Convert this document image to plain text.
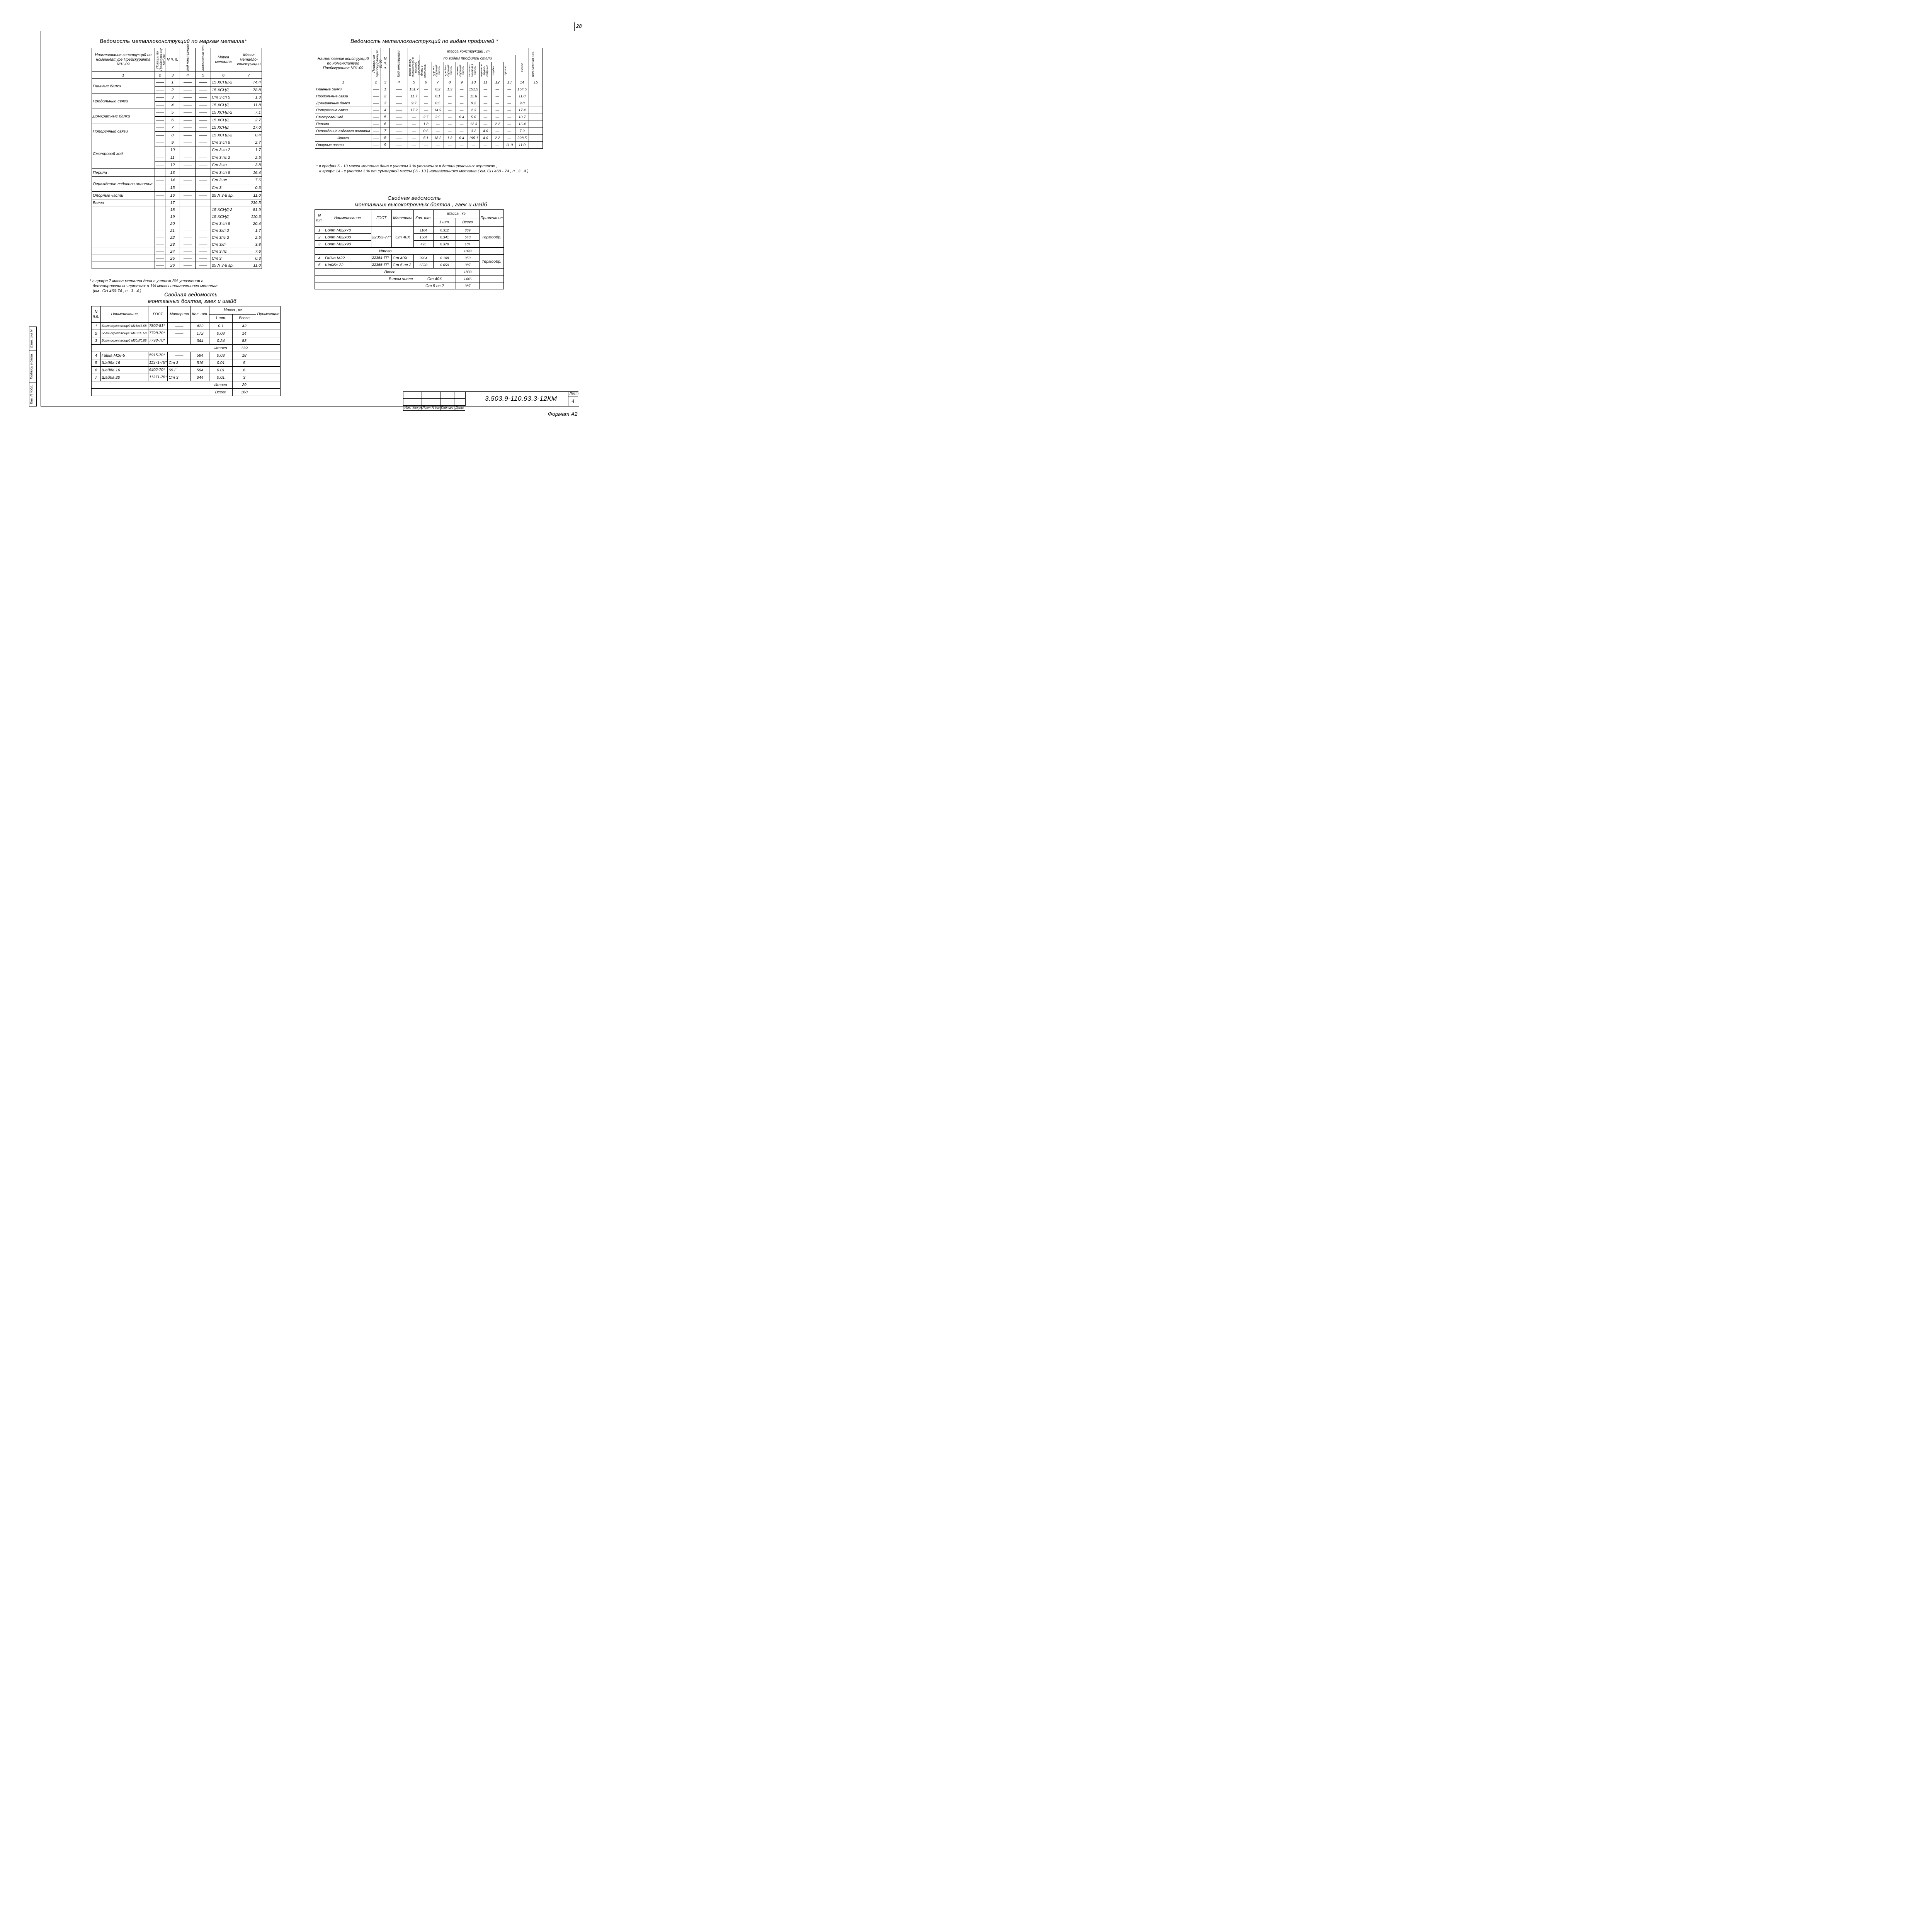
28
Инв. N подл.
Подпись и дата
Взам. инв N
Ведомость металлоконструкций по маркам металла*
Наименование конструкций по номенклатуре Прейскуранта N01-09	Позиции по Прейскуранту N01-09	N п. п.	Код конструкции	Количество шт.	Марка металла	Масса металло-конструкции
1	2	3	4	5	6	7
Главные балки	——	1	——	——	15 ХСНД-2	74.4
	——	2	——	——	15 ХСНД	78.8
Продольные связи	——	3	——	——	Ст 3 сп 5	1.3
	——	4	——	——	15 ХСНД	11.8
Домкратные балки	——	5	——	——	15 ХСНД-2	7.1
	——	6	——	——	15 ХСНД	2.7
Поперечные связи	——	7	——	——	15 ХСНД	17.0
	——	8	——	——	15 ХСНД-2	0.4
Смотровой ход	——	9	——	——	Ст 3 сп 5	2.7
	——	10	——	——	Ст 3 кп 2	1.7
	——	11	——	——	Ст 3 пс 2	2.5
	——	12	——	——	Ст 3 кп	3.8
Перила	——	13	——	——	Ст 3 сп 5	16.4
Ограждение ездового полотна	——	14	——	——	Ст 3 пс	7.6
	——	15	——	——	Ст 3	0.3
Опорные части	——	16	——	——	25 Л 3-й гр.	11.0
Всего	——	17	——	——		239.5
	——	18	——	——	15 ХСНД-2	81.9
	——	19	——	——	15 ХСНД	110.3
	——	20	——	——	Ст 3 сп 5	20.4
	——	21	——	——	Ст 3кп 2	1.7
	——	22	——	——	Ст 3пс 2	2.5
	——	23	——	——	Ст 3кп	3.8
	——	24	——	——	Ст 3 пс	7.6
	——	25	——	——	Ст 3	0.3
	——	26	——	——	25 Л 3-й гр.	11.0
* в графе 7 масса металла дана с учетом 3% уточнения в
деталировочных чертежах и 1% массы наплавленного металла
(см . СН 460-74 , п . 3 . 4 )
Сводная ведомость
монтажных болтов, гаек и шайб
N п.п.	Наименование	ГОСТ	Материал	Кол. шт.	Масса , кг		Примечание
					1 шт.	Всего	
1	Болт скрепляющий М16х45.58	7802-81*	——	422	0.1	42	
2	Болт скрепляющий М16х30.58	7798-70*	——	172	0.08	14	
3	Болт скрепляющий М20х70.58	7798-70*	——	344	0.24	83	
					Итого	139	
4	Гайка М16-5	5915-70*	——	594	0.03	18	
5	Шайба 16	11371-78*	Ст 3	516	0.01	5	
6	Шайба 16	6402-70*	65 Г	594	0.01	6	
7	Шайба 20	11371-78*	Ст 3	344	0.01	3	
					Итого	29	
					Всего	168	
Ведомость металлоконструкций по видам профилей *
Наименование конструкций по номенклатуре Прейскуранта N01-09	Позиции по Прейску-ранту N 01-09	N п. п.	Код конструкции	Масса конструкций , т										Количество шт.

				Всего стали повышенной и высокой прочности	по видам профилей стали								Всего	

					блоки и швеллеры	крупно-сортная сталь	средне-сортная сталь	мелко-сортная сталь	толсто-листовая сталь	гнутые и гнуто-сварные	трубы	прочие		

1	2	3	4	5	6	7	8	9	10	11	12	13	14	15
Главные балки	——	1	——	151.7	—	0.2	1.3	—	151.5	—	—	—	154.5	
Продольные связи	——	2	——	11.7	—	0.1	—	—	11.6	—	—	—	11.8	
Домкратные балки	——	3	——	9.7	—	0.5	—	—	9.2	—	—	—	9.8	
Поперечные связи	——	4	——	17.2	—	14.9	—	—	2.3	—	—	—	17.4	
Смотровой ход	——	5	——	—	2.7	2.5	—	0.4	5.0	—	—	—	10.7	
Перила	——	6	——	—	1.8	—	—	—	12.3	—	2.2	—	16.4	
Ограждение ездового полотна	——	7	——	—	0.6	—	—	—	3.2	4.0	—	—	7.9	
Итого	——	8	——	—	5.1	18.2	1.3	0.4	195.1	4.0	2.2	—	228.5	
Опорные части	——	9	——	—	—	—	—	—	—	—	—	11.0	11.0	
* в графах 5 - 13 масса металла дана с учетом 3 % уточнения в деталировочных чертежах ,
в графе 14 - с учетом 1 % от суммарной массы ( 6 - 13 ) наплавленного металла ( см. СН 460 - 74 , п . 3 . 4 )
Сводная ведомость
монтажных высокопрочных болтов , гаек и шайб
N п.п.	Наименование	ГОСТ	Материал	Кол. шт.	Масса , кг		Примечание
					1 шт.	Всего	
1	Болт М22х70	22353-77*	Ст 40Х	1184	0.312	369	Термообр.
2	Болт М22х80			1584	0.341	540	
3	Болт М22х90			496	0.370	184	
Итого						1093	
4	Гайка М22	22354-77*	Ст 40Х	3264	0.108	353	Термообр.
5	Шайба 22	22355-77*	Ст 5 пс 2	6528	0.059	387	
	Всего					1833	
	В том числе			Ст 40Х		1446	
				Ст 5 пс 2		387	

Изм.	Кол.уч	Лист	N док	Подпись	Дата
3.503.9-110.93.3-12КМ
Лист
4
Формат A2
